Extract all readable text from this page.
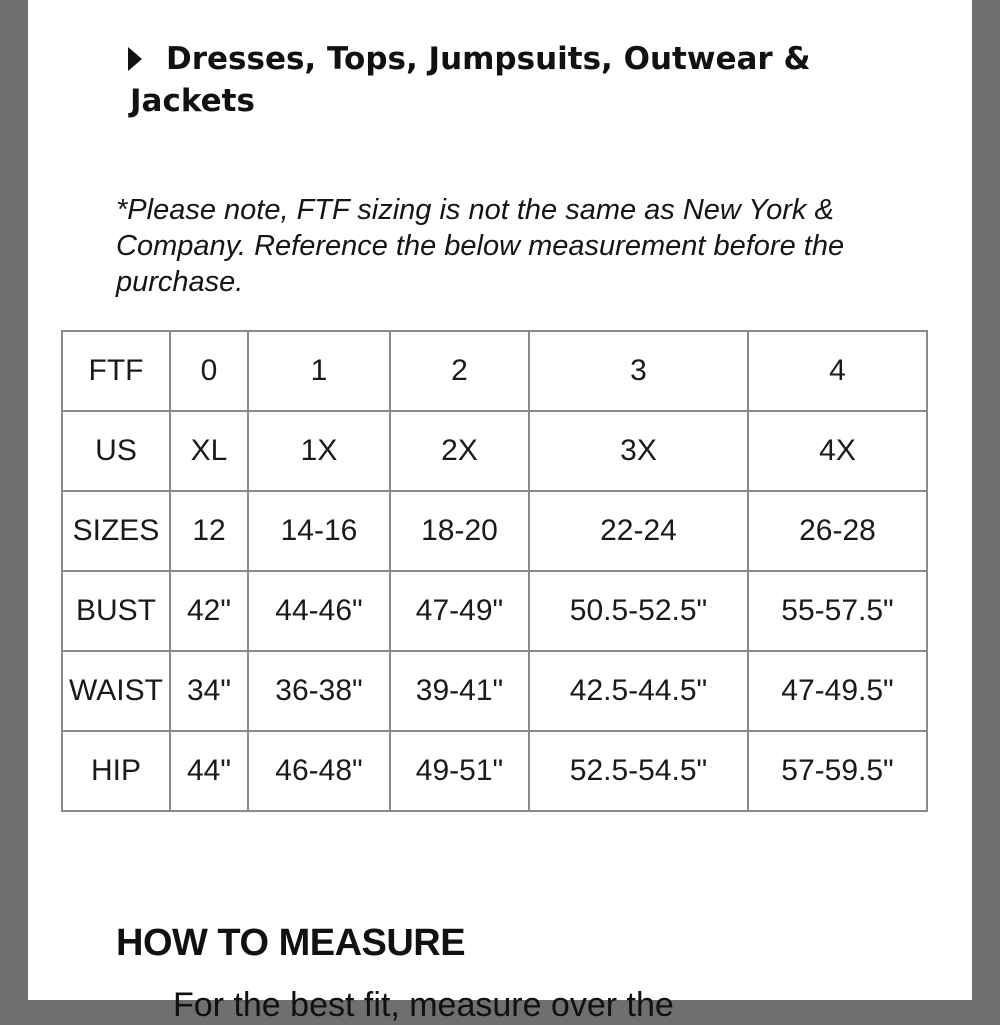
Dresses, Tops, Jumpsuits, Outwear & Jackets
*Please note, FTF sizing is not the same as New York & Company. Reference the below measurement before the purchase.
FTF	0	1	2	3	4
US	XL	1X	2X	3X	4X
SIZES	12	14-16	18-20	22-24	26-28
BUST	42"	44-46"	47-49"	50.5-52.5"	55-57.5"
WAIST	34"	36-38"	39-41"	42.5-44.5"	47-49.5"
HIP	44"	46-48"	49-51"	52.5-54.5"	57-59.5"
HOW TO MEASURE
For the best fit, measure over the
